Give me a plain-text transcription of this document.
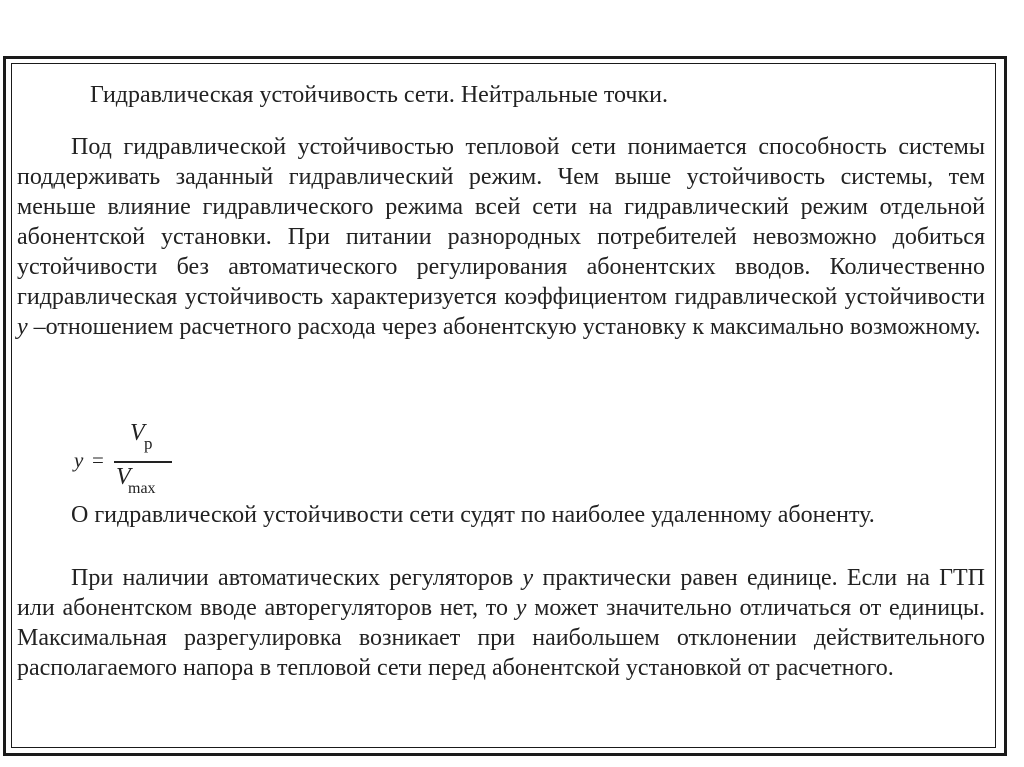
Гидравлическая устойчивость сети. Нейтральные точки.

Под гидравлической устойчивостью тепловой сети понимается способность системы поддерживать заданный гидравлический режим. Чем выше устойчивость системы, тем меньше влияние гидравлического режима всей сети на гидравлический режим отдельной абонентской установки. При питании разнородных потребителей невозможно добиться устойчивости без автоматического регулирования абонентских вводов. Количественно гидравлическая устойчивость характеризуется коэффициентом гидравлической устойчивости y –отношением расчетного расхода через абонентскую установку к максимально возможному.

y =
V p
V
max

О гидравлической устойчивости сети судят по наиболее удаленному абоненту.

При наличии автоматических регуляторов y практически равен единице. Если на ГТП или абонентском вводе авторегуляторов нет, то y может значительно отличаться от единицы. Максимальная разрегулировка возникает при наибольшем отклонении действительного располагаемого напора в тепловой сети перед абонентской установкой от расчетного.
